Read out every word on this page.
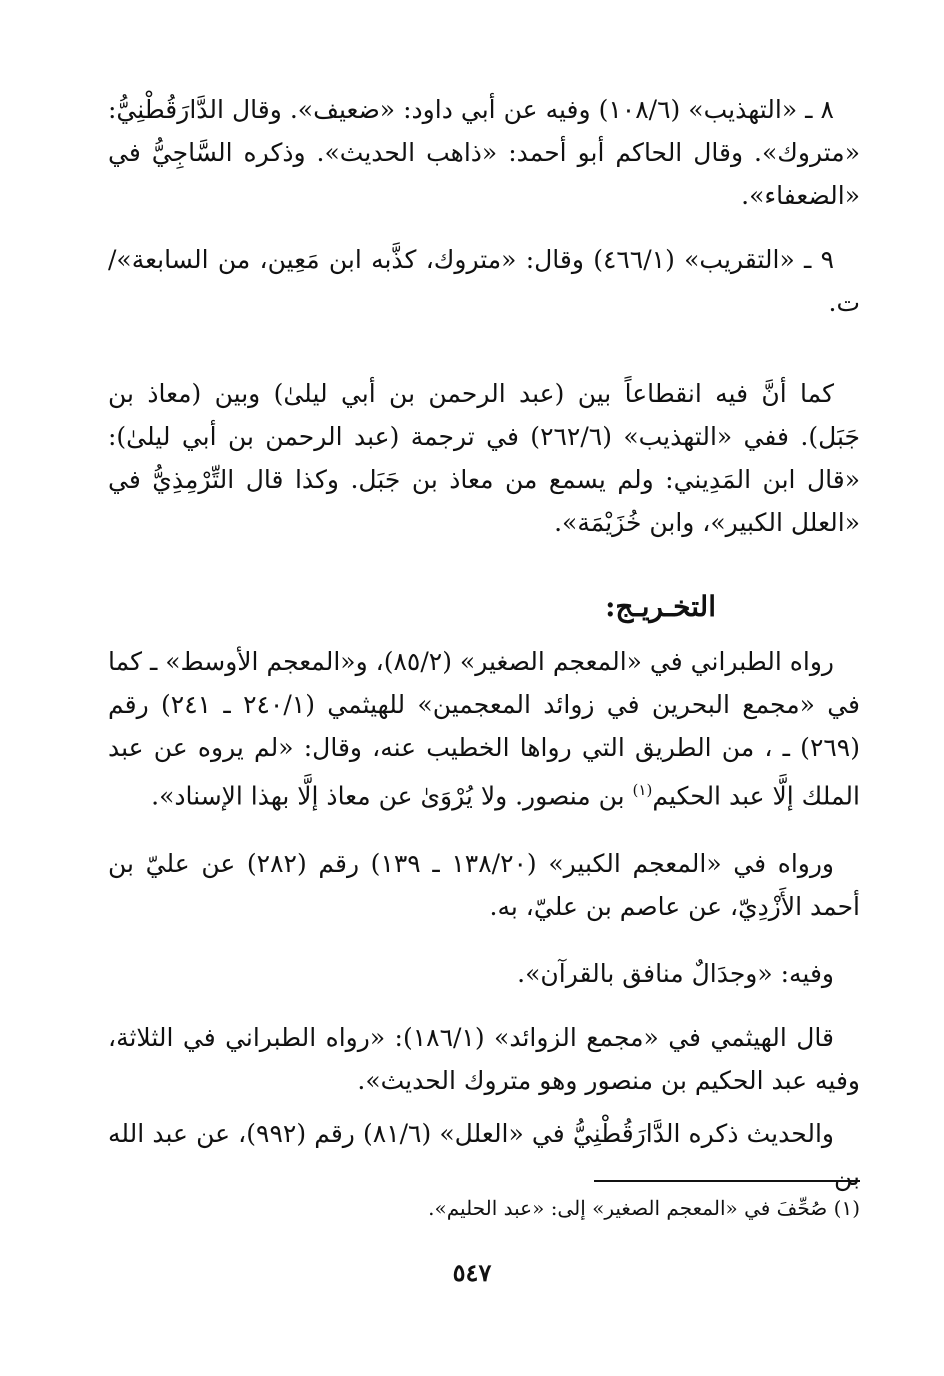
٨ ـ «التهذيب» (١٠٨/٦) وفيه عن أبي داود: «ضعيف». وقال الدَّارَقُطْنِيُّ: «متروك». وقال الحاكم أبو أحمد: «ذاهب الحديث». وذكره السَّاجِيُّ في «الضعفاء».

٩ ـ «التقريب» (٤٦٦/١) وقال: «متروك، كذَّبه ابن مَعِين، من السابعة»/ ت.

كما أنَّ فيه انقطاعاً بين (عبد الرحمن بن أبي ليلىٰ) وبين (معاذ بن جَبَل). ففي «التهذيب» (٢٦٢/٦) في ترجمة (عبد الرحمن بن أبي ليلىٰ): «قال ابن المَدِيني: ولم يسمع من معاذ بن جَبَل. وكذا قال التِّرْمِذِيُّ في «العلل الكبير»، وابن خُزَيْمَة».

التخـريـج:

رواه الطبراني في «المعجم الصغير» (٨٥/٢)، و«المعجم الأوسط» ـ كما في «مجمع البحرين في زوائد المعجمين» للهيثمي (٢٤٠/١ ـ ٢٤١) رقم (٢٦٩) ـ ، من الطريق التي رواها الخطيب عنه، وقال: «لم يروه عن عبد الملك إلَّا عبد الحكيم$^{(١)}$ بن منصور. ولا يُرْوَىٰ عن معاذ إلَّا بهذا الإسناد».

ورواه في «المعجم الكبير» (١٣٨/٢٠ ـ ١٣٩) رقم (٢٨٢) عن عليّ بن أحمد الأَزْدِيّ، عن عاصم بن عليّ، به.

وفيه: «وجدَالٌ منافق بالقرآن».

قال الهيثمي في «مجمع الزوائد» (١٨٦/١): «رواه الطبراني في الثلاثة، وفيه عبد الحكيم بن منصور وهو متروك الحديث».

والحديث ذكره الدَّارَقُطْنِيُّ في «العلل» (٨١/٦) رقم (٩٩٢)، عن عبد الله بن

(١) صُحِّفَ في «المعجم الصغير» إلى: «عبد الحليم».
٥٤٧
